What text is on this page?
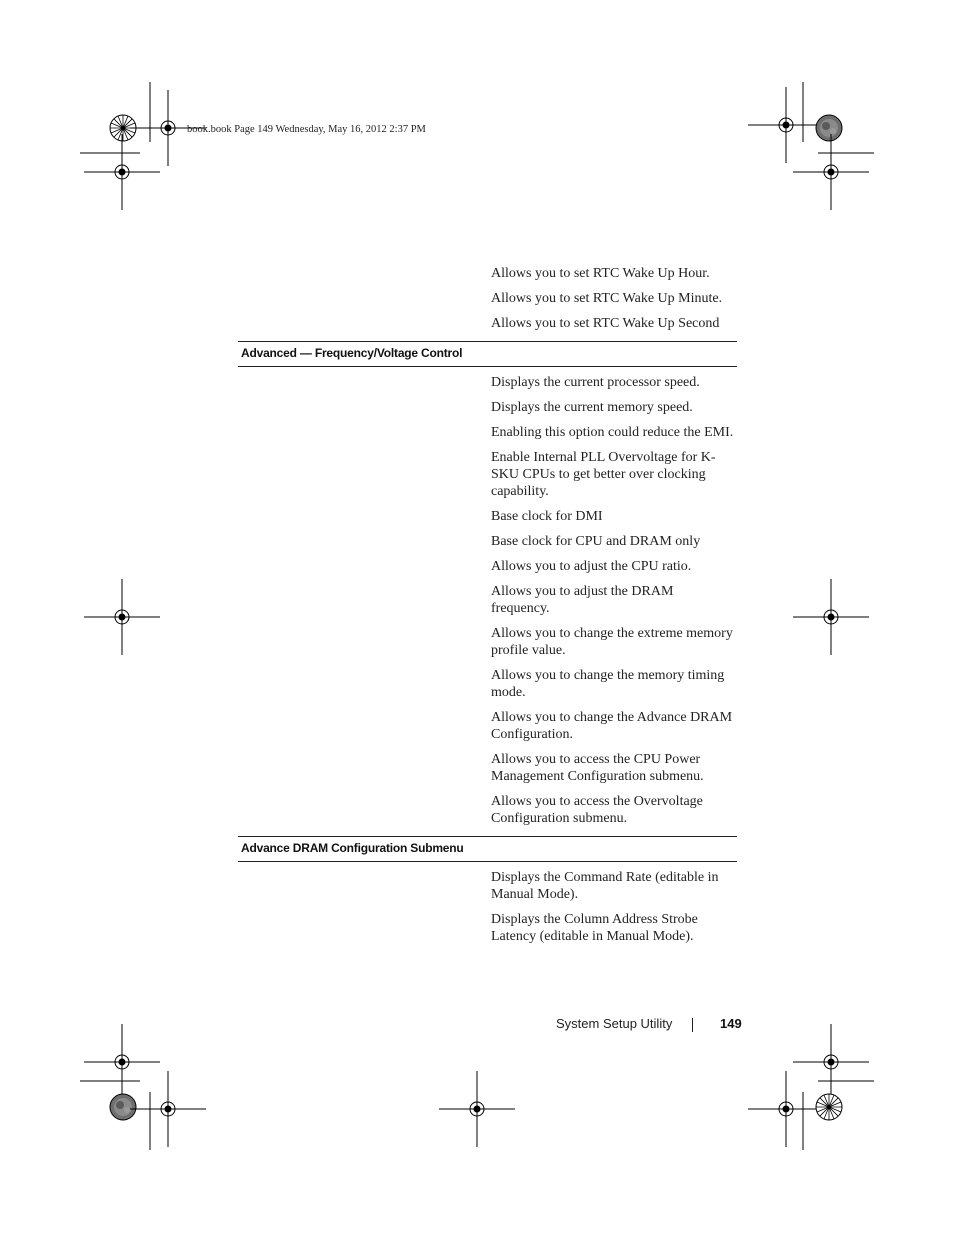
book.book Page 149 Wednesday, May 16, 2012 2:37 PM
Allows you to set RTC Wake Up Hour.
Allows you to set RTC Wake Up Minute.
Allows you to set RTC Wake Up Second
Advanced — Frequency/Voltage Control
Displays the current processor speed.
Displays the current memory speed.
Enabling this option could reduce the EMI.
Enable Internal PLL Overvoltage for K-SKU CPUs to get better over clocking capability.
Base clock for DMI
Base clock for CPU and DRAM only
Allows you to adjust the CPU ratio.
Allows you to adjust the DRAM frequency.
Allows you to change the extreme memory profile value.
Allows you to change the memory timing mode.
Allows you to change the Advance DRAM Configuration.
Allows you to access the CPU Power Management Configuration submenu.
Allows you to access the Overvoltage Configuration submenu.
Advance DRAM Configuration Submenu
Displays the Command Rate (editable in Manual Mode).
Displays the Column Address Strobe Latency (editable in Manual Mode).
System Setup Utility	149
